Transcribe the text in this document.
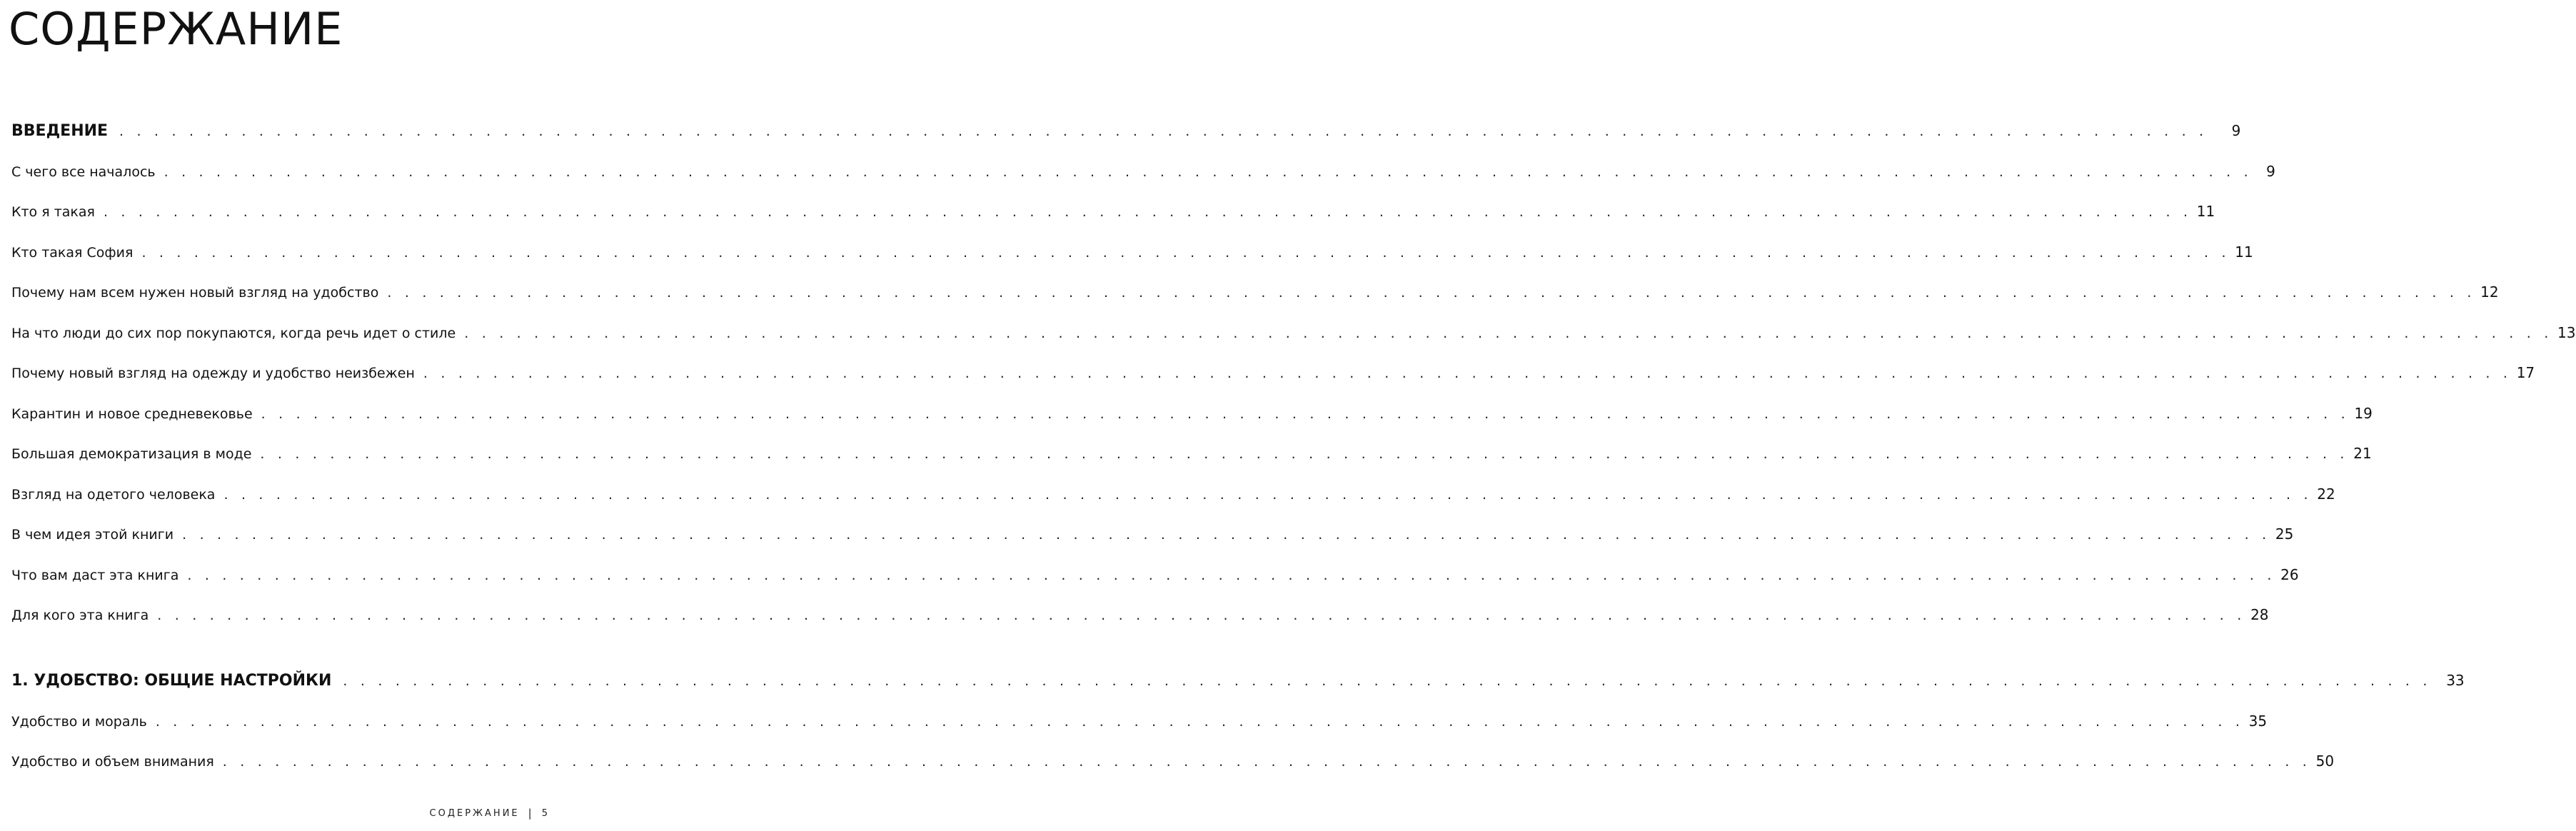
СОДЕРЖАНИЕ
ВВЕДЕНИЕ . . . . . . . . . . . . . . . . . . . . . . . . . . . . . . . . . . . . . . . . . . . . . . . . . . . . . . . . . . . . . . . . . . . . . . . . . . . . . . . . . . . . . . . . . . . . . . . . . . . . . . . . . . . . . . . . . . . . . . . .	9
С чего все началось . . . . . . . . . . . . . . . . . . . . . . . . . . . . . . . . . . . . . . . . . . . . . . . . . . . . . . . . . . . . . . . . . . . . . . . . . . . . . . . . . . . . . . . . . . . . . . . . . . . . . . . . . . . . . . . . . . . . . . . . 9
Кто я такая . . . . . . . . . . . . . . . . . . . . . . . . . . . . . . . . . . . . . . . . . . . . . . . . . . . . . . . . . . . . . . . . . . . . . . . . . . . . . . . . . . . . . . . . . . . . . . . . . . . . . . . . . . . . . . . . . . . . . . . . 11
Кто такая София . . . . . . . . . . . . . . . . . . . . . . . . . . . . . . . . . . . . . . . . . . . . . . . . . . . . . . . . . . . . . . . . . . . . . . . . . . . . . . . . . . . . . . . . . . . . . . . . . . . . . . . . . . . . . . . . . . . . . . . . 11
Почему нам всем нужен новый взгляд на удобство . . . . . . . . . . . . . . . . . . . . . . . . . . . . . . . . . . . . . . . . . . . . . . . . . . . . . . . . . . . . . . . . . . . . . . . . . . . . . . . . . . . . . . . . . . . . . . . . . . . . . . . . . . . . . . . . . . . . . . . . 12
На что люди до сих пор покупаются, когда речь идет о стиле . . . . . . . . . . . . . . . . . . . . . . . . . . . . . . . . . . . . . . . . . . . . . . . . . . . . . . . . . . . . . . . . . . . . . . . . . . . . . . . . . . . . . . . . . . . . . . . . . . . . . . . . . . . . . . . . . . . . . . . . 13
Почему новый взгляд на одежду и удобство неизбежен . . . . . . . . . . . . . . . . . . . . . . . . . . . . . . . . . . . . . . . . . . . . . . . . . . . . . . . . . . . . . . . . . . . . . . . . . . . . . . . . . . . . . . . . . . . . . . . . . . . . . . . . . . . . . . . . . . . . . . . . 17
Карантин и новое средневековье . . . . . . . . . . . . . . . . . . . . . . . . . . . . . . . . . . . . . . . . . . . . . . . . . . . . . . . . . . . . . . . . . . . . . . . . . . . . . . . . . . . . . . . . . . . . . . . . . . . . . . . . . . . . . . . . . . . . . . . . 19
Большая демократизация в моде . . . . . . . . . . . . . . . . . . . . . . . . . . . . . . . . . . . . . . . . . . . . . . . . . . . . . . . . . . . . . . . . . . . . . . . . . . . . . . . . . . . . . . . . . . . . . . . . . . . . . . . . . . . . . . . . . . . . . . . . 21
Взгляд на одетого человека . . . . . . . . . . . . . . . . . . . . . . . . . . . . . . . . . . . . . . . . . . . . . . . . . . . . . . . . . . . . . . . . . . . . . . . . . . . . . . . . . . . . . . . . . . . . . . . . . . . . . . . . . . . . . . . . . . . . . . . . 22
В чем идея этой книги . . . . . . . . . . . . . . . . . . . . . . . . . . . . . . . . . . . . . . . . . . . . . . . . . . . . . . . . . . . . . . . . . . . . . . . . . . . . . . . . . . . . . . . . . . . . . . . . . . . . . . . . . . . . . . . . . . . . . . . . 25
Что вам даст эта книга . . . . . . . . . . . . . . . . . . . . . . . . . . . . . . . . . . . . . . . . . . . . . . . . . . . . . . . . . . . . . . . . . . . . . . . . . . . . . . . . . . . . . . . . . . . . . . . . . . . . . . . . . . . . . . . . . . . . . . . . 26
Для кого эта книга . . . . . . . . . . . . . . . . . . . . . . . . . . . . . . . . . . . . . . . . . . . . . . . . . . . . . . . . . . . . . . . . . . . . . . . . . . . . . . . . . . . . . . . . . . . . . . . . . . . . . . . . . . . . . . . . . . . . . . . . 28
1. УДОБСТВО: ОБЩИЕ НАСТРОЙКИ . . . . . . . . . . . . . . . . . . . . . . . . . . . . . . . . . . . . . . . . . . . . . . . . . . . . . . . . . . . . . . . . . . . . . . . . . . . . . . . . . . . . . . . . . . . . . . . . . . . . . . . . . . . . . . . . . . . . . . . . 33
Удобство и мораль . . . . . . . . . . . . . . . . . . . . . . . . . . . . . . . . . . . . . . . . . . . . . . . . . . . . . . . . . . . . . . . . . . . . . . . . . . . . . . . . . . . . . . . . . . . . . . . . . . . . . . . . . . . . . . . . . . . . . . . . 35
Удобство и объем внимания . . . . . . . . . . . . . . . . . . . . . . . . . . . . . . . . . . . . . . . . . . . . . . . . . . . . . . . . . . . . . . . . . . . . . . . . . . . . . . . . . . . . . . . . . . . . . . . . . . . . . . . . . . . . . . . . . . . . . . . . 50
СОДЕРЖАНИЕ | 5
